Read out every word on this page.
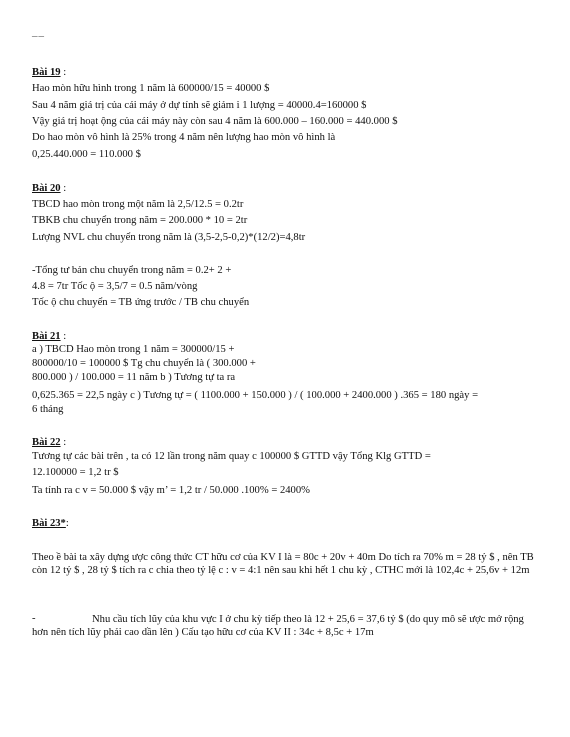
__
Bài 19 :
Hao mòn hữu hình trong 1 năm là 600000/15 = 40000 $
Sau 4 năm giá trị của cái máy ở dự tính sẽ giảm i 1 lượng = 40000.4=160000 $
Vậy giá trị hoạt ộng của cái máy này còn sau 4 năm là 600.000 – 160.000 = 440.000 $
Do hao mòn vô hình là 25% trong 4 năm nên lượng hao mòn vô hình là
0,25.440.000 = 110.000 $
Bài 20 :
TBCD hao mòn trong một năm là 2,5/12.5 = 0.2tr
TBKB chu chuyển trong năm = 200.000 * 10 = 2tr
Lượng NVL chu chuyển trong năm là (3,5-2,5-0,2)*(12/2)=4,8tr
-Tổng tư bản chu chuyển trong năm = 0.2+ 2 +
4.8 = 7tr Tốc ộ = 3,5/7 = 0.5 năm/vòng
Tốc ộ chu chuyển = TB ứng trước / TB chu chuyển
Bài 21 :
a ) TBCD Hao mòn trong 1 năm = 300000/15 +
800000/10 = 100000 $ Tg chu chuyển là ( 300.000 +
800.000 ) / 100.000 = 11 năm b ) Tương tự ta ra
0,625.365 = 22,5 ngày c ) Tương tự = ( 1100.000 + 150.000 ) / ( 100.000 + 2400.000 ) .365 = 180 ngày =
6 tháng
Bài 22 :
Tương tự các bài trên , ta có 12 lần trong năm quay c 100000 $ GTTD vậy Tổng Klg GTTD =
12.100000 = 1,2 tr $
Ta tính ra c v = 50.000 $ vậy m’ = 1,2 tr / 50.000 .100% = 2400%
Bài 23*:
Theo ề bài ta xây dựng ược công thức CT hữu cơ của KV I là = 80c + 20v + 40m Do tích ra 70% m = 28 tỷ $ , nên TB còn 12 tỷ $ , 28 tỷ $ tích ra c chia theo tỷ lệ c : v = 4:1 nên sau khi hết 1 chu kỳ , CTHC mới là 102,4c + 25,6v + 12m
-	Nhu cầu tích lũy của khu vực I ở chu kỳ tiếp theo là 12 + 25,6 = 37,6 tỷ $ (do quy mô sẽ ược mở rộng hơn nên tích lũy phải cao dần lên ) Cấu tạo hữu cơ của KV II : 34c + 8,5c + 17m
